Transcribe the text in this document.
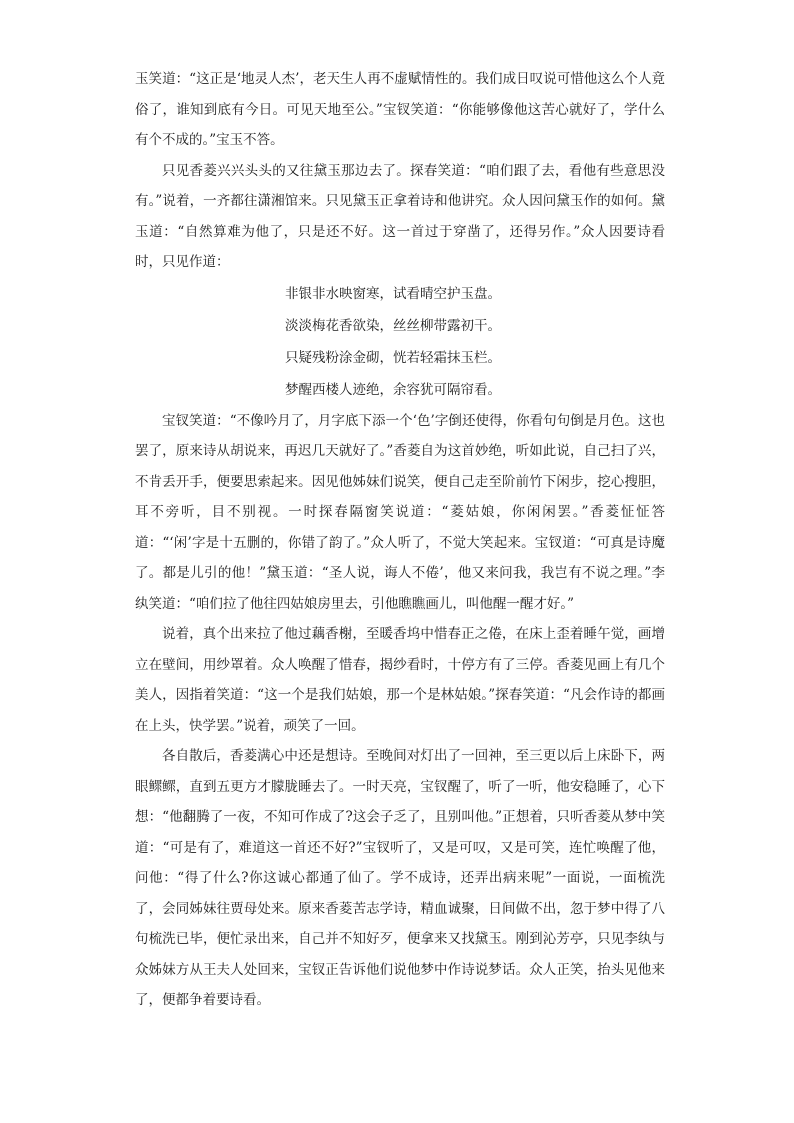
玉笑道：“这正是‘地灵人杰’，老天生人再不虚赋情性的。我们成日叹说可惜他这么个人竟俗了，谁知到底有今日。可见天地至公。”宝钗笑道：“你能够像他这苦心就好了，学什么有个不成的。”宝玉不答。

只见香菱兴兴头头的又往黛玉那边去了。探春笑道：“咱们跟了去，看他有些意思没有。”说着，一齐都往潇湘馆来。只见黛玉正拿着诗和他讲究。众人因问黛玉作的如何。黛玉道：“自然算难为他了，只是还不好。这一首过于穿凿了，还得另作。”众人因要诗看时，只见作道：

非银非水映窗寒，试看晴空护玉盘。
淡淡梅花香欲染，丝丝柳带露初干。
只疑残粉涂金砌，恍若轻霜抹玉栏。
梦醒西楼人迹绝，余容犹可隔帘看。

宝钗笑道：“不像吟月了，月字底下添一个‘色’字倒还使得，你看句句倒是月色。这也罢了，原来诗从胡说来，再迟几天就好了。”香菱自为这首妙绝，听如此说，自己扫了兴，不肯丢开手，便要思索起来。因见他姊妹们说笑，便自己走至阶前竹下闲步，挖心搜胆，耳不旁听，目不别视。一时探春隔窗笑说道：“菱姑娘，你闲闲罢。”香菱怔怔答道：“‘闲’字是十五删的，你错了韵了。”众人听了，不觉大笑起来。宝钗道：“可真是诗魔了。都是儿引的他！”黛玉道：“圣人说，诲人不倦’，他又来问我，我岂有不说之理。”李纨笑道：“咱们拉了他往四姑娘房里去，引他瞧瞧画儿，叫他醒一醒才好。”

说着，真个出来拉了他过藕香榭，至暖香坞中惜春正之倦，在床上歪着睡午觉，画增立在壁间，用纱罩着。众人唤醒了惜春，揭纱看时，十停方有了三停。香菱见画上有几个美人，因指着笑道：“这一个是我们姑娘，那一个是林姑娘。”探春笑道：“凡会作诗的都画在上头，快学罢。”说着，顽笑了一回。

各自散后，香菱满心中还是想诗。至晚间对灯出了一回神，至三更以后上床卧下，两眼鳏鳏，直到五更方才朦胧睡去了。一时天亮，宝钗醒了，听了一听，他安稳睡了，心下想：“他翻腾了一夜，不知可作成了?这会子乏了，且别叫他。”正想着，只听香菱从梦中笑道：“可是有了，难道这一首还不好?”宝钗听了，又是可叹，又是可笑，连忙唤醒了他，问他：“得了什么?你这诚心都通了仙了。学不成诗，还弄出病来呢”一面说，一面梳洗了，会同姊妹往贾母处来。原来香菱苦志学诗，精血诚聚，日间做不出，忽于梦中得了八句梳洗已毕，便忙录出来，自己并不知好歹，便拿来又找黛玉。刚到沁芳亭，只见李纨与众姊妹方从王夫人处回来，宝钗正告诉他们说他梦中作诗说梦话。众人正笑，抬头见他来了，便都争着要诗看。
